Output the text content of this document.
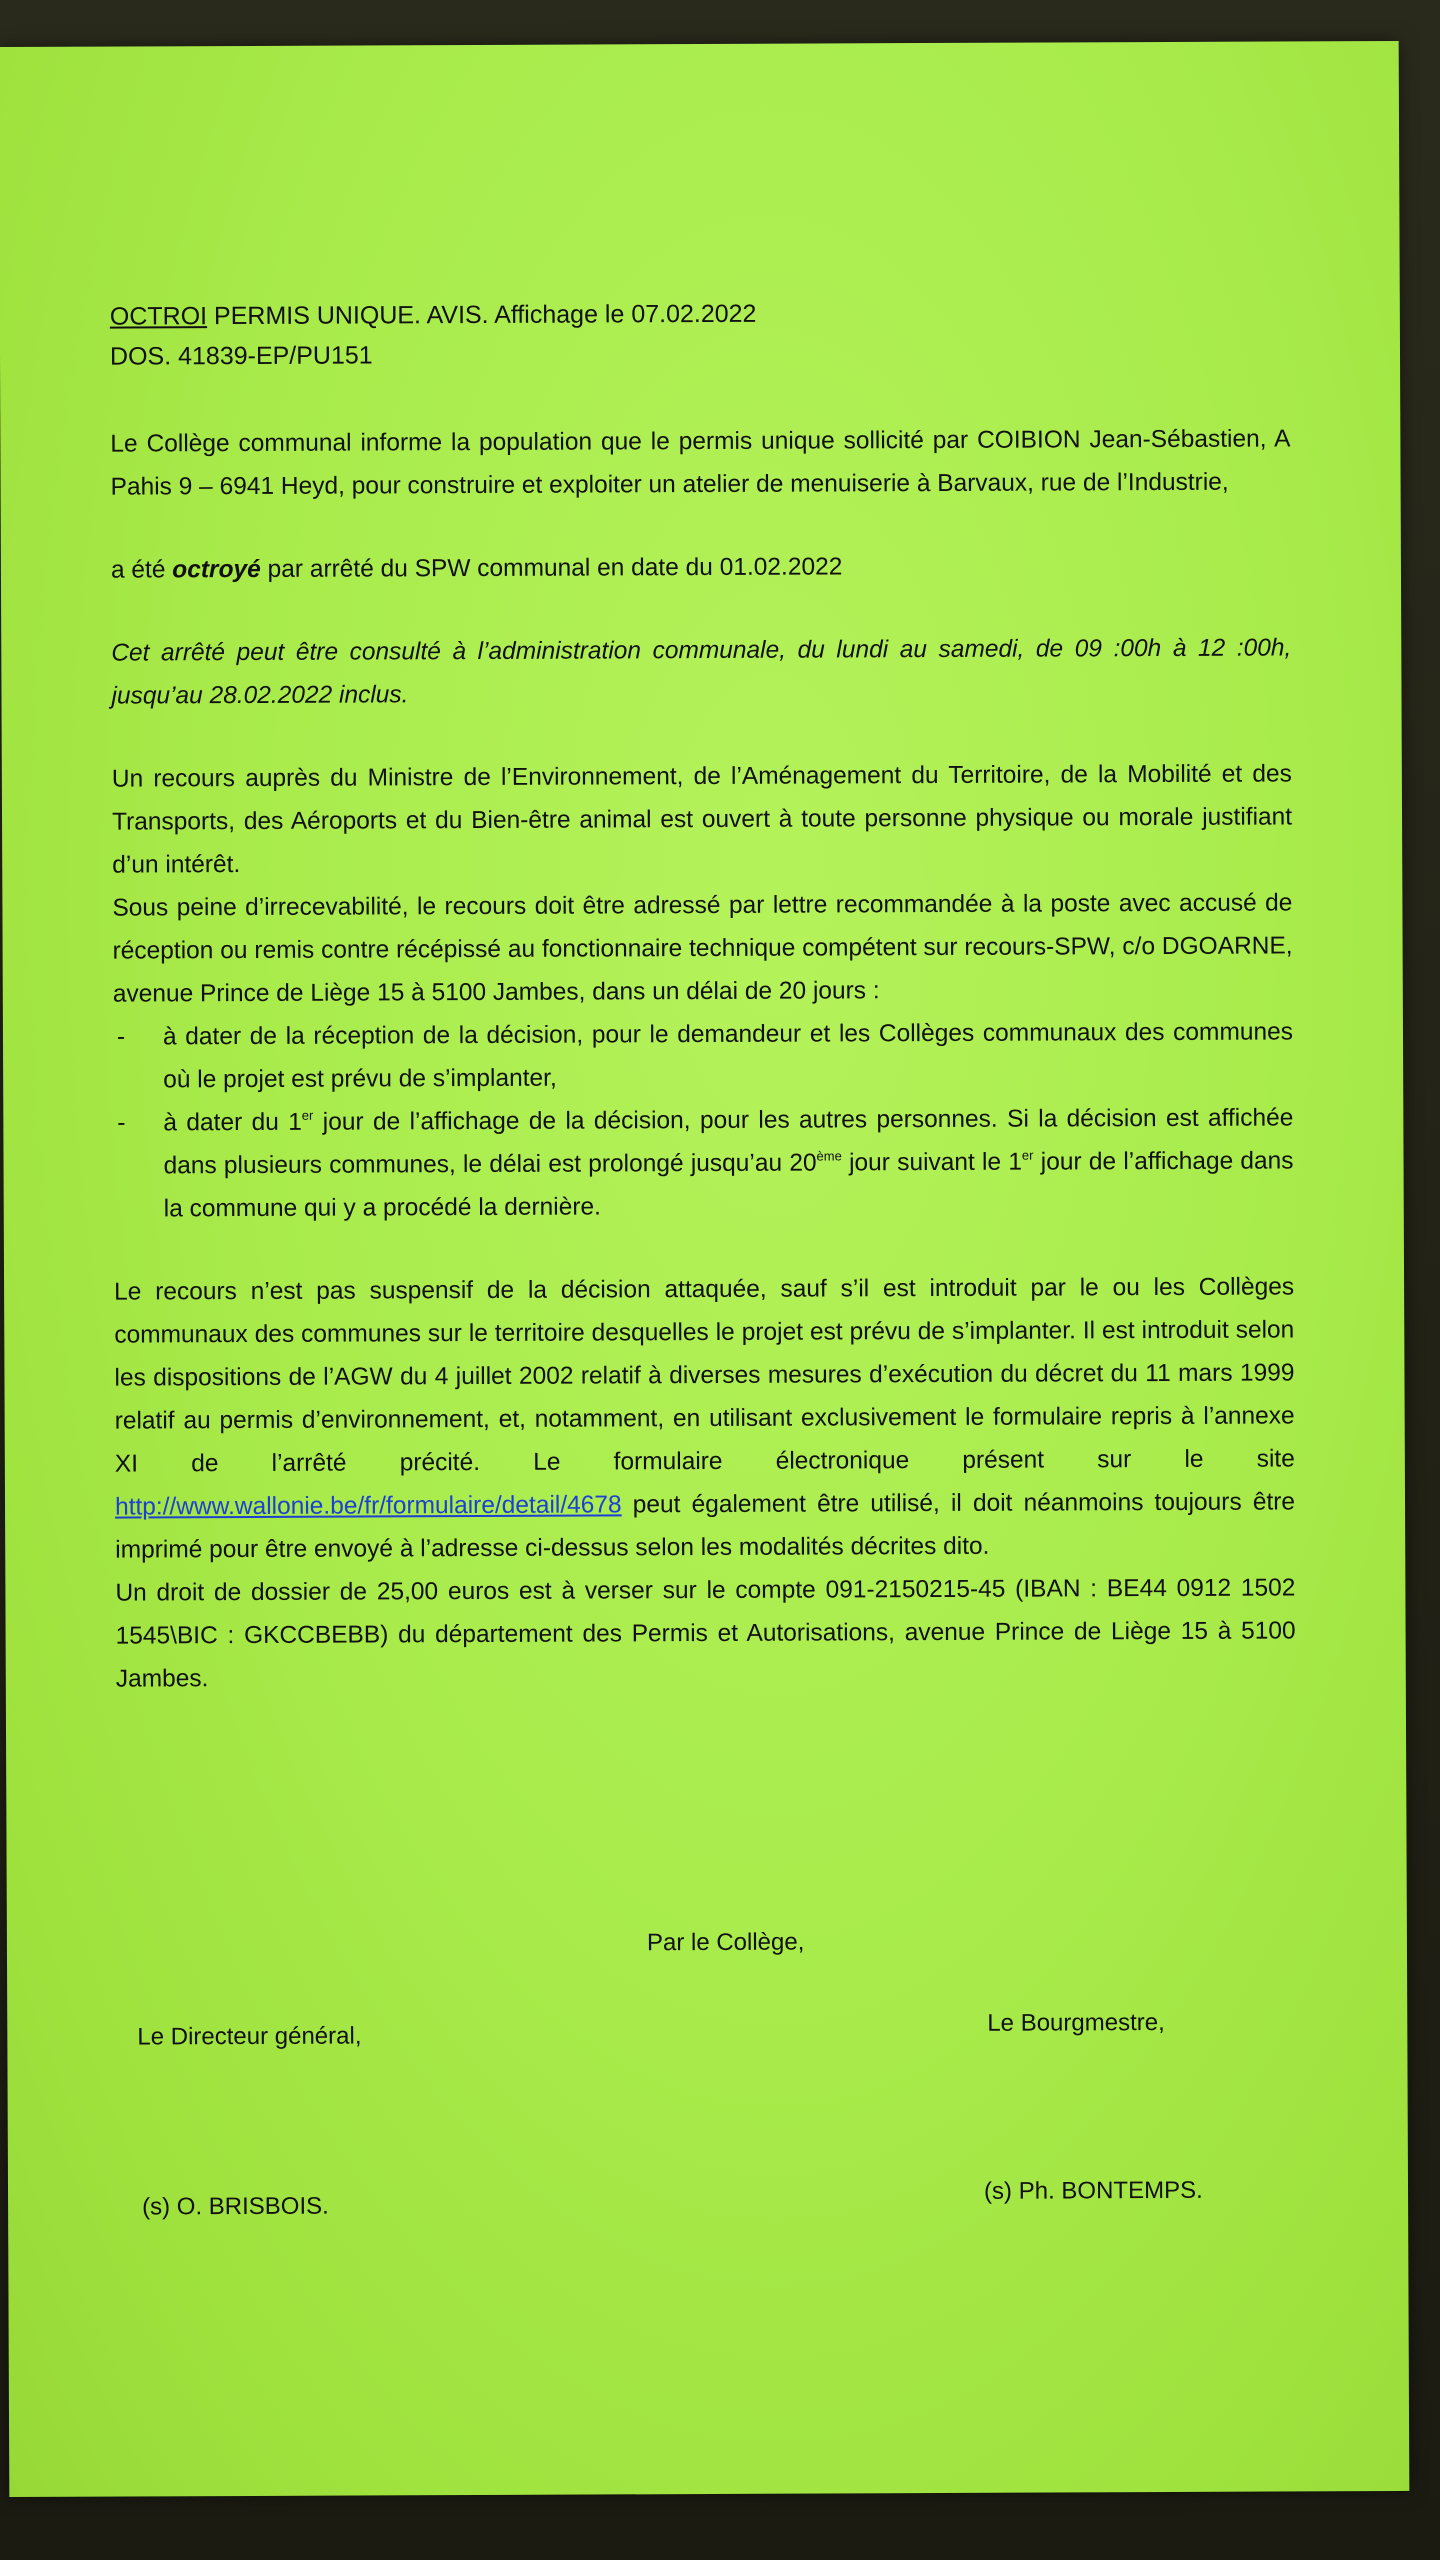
OCTROI PERMIS UNIQUE. AVIS. Affichage le 07.02.2022
DOS. 41839-EP/PU151

Le Collège communal informe la population que le permis unique sollicité par COIBION Jean-Sébastien, A Pahis 9 – 6941 Heyd, pour construire et exploiter un atelier de menuiserie à Barvaux, rue de l’Industrie,

a été octroyé par arrêté du SPW communal en date du 01.02.2022

Cet arrêté peut être consulté à l’administration communale, du lundi au samedi, de 09 :00h à 12 :00h, jusqu’au 28.02.2022 inclus.

Un recours auprès du Ministre de l’Environnement, de l’Aménagement du Territoire, de la Mobilité et des Transports, des Aéroports et du Bien-être animal est ouvert à toute personne physique ou morale justifiant d’un intérêt.

Sous peine d’irrecevabilité, le recours doit être adressé par lettre recommandée à la poste avec accusé de réception ou remis contre récépissé au fonctionnaire technique compétent sur recours-SPW, c/o DGOARNE, avenue Prince de Liège 15 à 5100 Jambes, dans un délai de 20 jours :

- à dater de la réception de la décision, pour le demandeur et les Collèges communaux des communes où le projet est prévu de s’implanter,
- à dater du 1er jour de l’affichage de la décision, pour les autres personnes. Si la décision est affichée dans plusieurs communes, le délai est prolongé jusqu’au 20ème jour suivant le 1er jour de l’affichage dans la commune qui y a procédé la dernière.

Le recours n’est pas suspensif de la décision attaquée, sauf s’il est introduit par le ou les Collèges communaux des communes sur le territoire desquelles le projet est prévu de s’implanter. Il est introduit selon les dispositions de l’AGW du 4 juillet 2002 relatif à diverses mesures d’exécution du décret du 11 mars 1999 relatif au permis d’environnement, et, notamment, en utilisant exclusivement le formulaire repris à l’annexe XI de l’arrêté précité. Le formulaire électronique présent sur le site http://www.wallonie.be/fr/formulaire/detail/4678 peut également être utilisé, il doit néanmoins toujours être imprimé pour être envoyé à l’adresse ci-dessus selon les modalités décrites dito.

Un droit de dossier de 25,00 euros est à verser sur le compte 091-2150215-45 (IBAN : BE44 0912 1502 1545\BIC : GKCCBEBB) du département des Permis et Autorisations, avenue Prince de Liège 15 à 5100 Jambes.

Par le Collège,
Le Directeur général,	Le Bourgmestre,
(s) O. BRISBOIS.
(s) Ph. BONTEMPS.
